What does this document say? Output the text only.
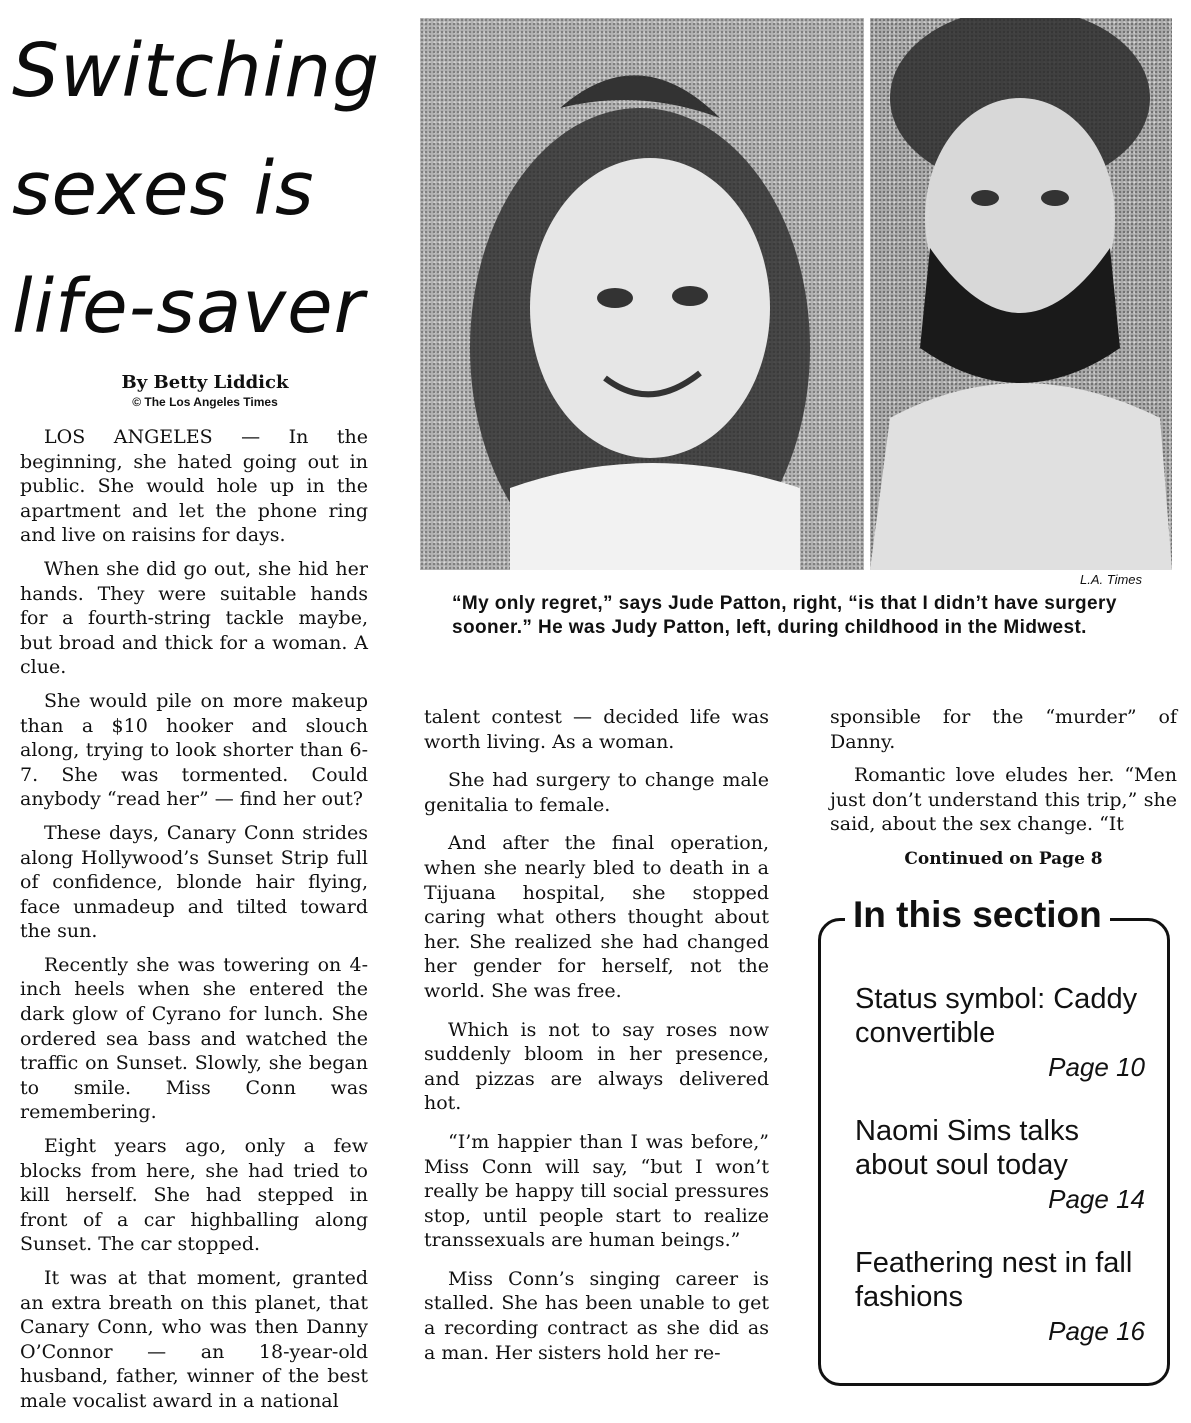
Switching
sexes is
life-saver
By Betty Liddick
© The Los Angeles Times

LOS ANGELES — In the beginning, she hated going out in public. She would hole up in the apartment and let the phone ring and live on raisins for days.

When she did go out, she hid her hands. They were suitable hands for a fourth-string tackle maybe, but broad and thick for a woman. A clue.

She would pile on more makeup than a $10 hooker and slouch along, trying to look shorter than 6-7. She was tormented. Could anybody “read her” — find her out?

These days, Canary Conn strides along Hollywood’s Sunset Strip full of confidence, blonde hair flying, face unmadeup and tilted toward the sun.

Recently she was towering on 4-inch heels when she entered the dark glow of Cyrano for lunch. She ordered sea bass and watched the traffic on Sunset. Slowly, she began to smile. Miss Conn was remembering.

Eight years ago, only a few blocks from here, she had tried to kill herself. She had stepped in front of a car highballing along Sunset. The car stopped.

It was at that moment, granted an extra breath on this planet, that Canary Conn, who was then Danny O’Connor — an 18-year-old husband, father, winner of the best male vocalist award in a national

L.A. Times
“My only regret,” says Jude Patton, right, “is that I didn’t have surgery sooner.” He was Judy Patton, left, during childhood in the Midwest.

talent contest — decided life was worth living. As a woman.

She had surgery to change male genitalia to female.

And after the final operation, when she nearly bled to death in a Tijuana hospital, she stopped caring what others thought about her. She realized she had changed her gender for herself, not the world. She was free.

Which is not to say roses now suddenly bloom in her presence, and pizzas are always delivered hot.

“I’m happier than I was before,” Miss Conn will say, “but I won’t really be happy till social pressures stop, until people start to realize transsexuals are human beings.”

Miss Conn’s singing career is stalled. She has been unable to get a recording contract as she did as a man. Her sisters hold her re-

sponsible for the “murder” of Danny.

Romantic love eludes her. “Men just don’t understand this trip,” she said, about the sex change. “It

Continued on Page 8

In this section
Status symbol: Caddy convertible
Page 10
Naomi Sims talks about soul today
Page 14
Feathering nest in fall fashions
Page 16
